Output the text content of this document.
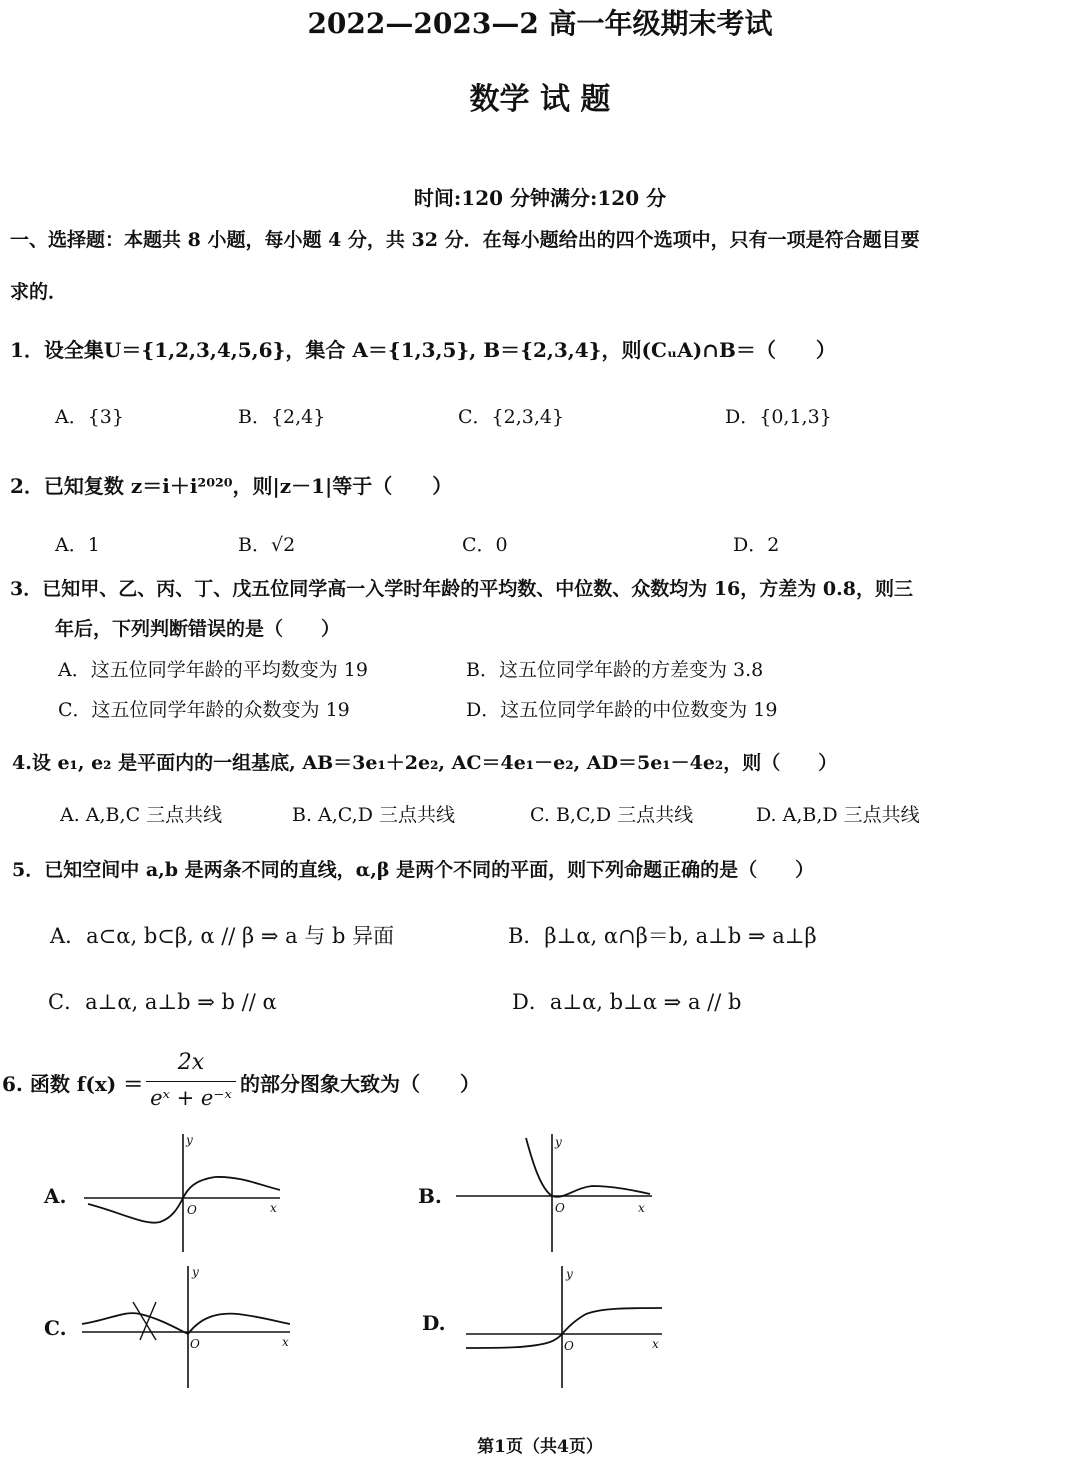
2022—2023—2 高一年级期末考试
数学 试 题
时间:120 分钟满分:120 分
一、选择题：本题共 8 小题，每小题 4 分，共 32 分．在每小题给出的四个选项中，只有一项是符合题目要
求的．
1．设全集U＝{1,2,3,4,5,6}，集合 A＝{1,3,5}, B＝{2,3,4}，则(CᵤA)∩B＝（　　）
A．{3}	B．{2,4}	C．{2,3,4}	D．{0,1,3}
2．已知复数 z＝i＋i²⁰²⁰，则|z－1|等于（　　）
A．1	B．√2	C．0	D．2
3．已知甲、乙、丙、丁、戊五位同学高一入学时年龄的平均数、中位数、众数均为 16，方差为 0.8，则三
年后，下列判断错误的是（　　）
A．这五位同学年龄的平均数变为 19	B．这五位同学年龄的方差变为 3.8
C．这五位同学年龄的众数变为 19	D．这五位同学年龄的中位数变为 19
4.设 e₁, e₂ 是平面内的一组基底, AB＝3e₁＋2e₂, AC＝4e₁－e₂, AD＝5e₁－4e₂，则（　　）
A. A,B,C 三点共线	B. A,C,D 三点共线	C. B,C,D 三点共线	D. A,B,D 三点共线
5．已知空间中 a,b 是两条不同的直线，α,β 是两个不同的平面，则下列命题正确的是（　　）
A．a⊂α, b⊂β, α // β ⇒ a 与 b 异面	B．β⊥α, α∩β＝b, a⊥b ⇒ a⊥β
C．a⊥α, a⊥b ⇒ b // α	D．a⊥α, b⊥α ⇒ a // b
6. 函数 f(x) ＝
2x
eˣ + e⁻ˣ
的部分图象大致为（　　）
A.	B.
C.	D.
y
x
O
y
x
O
y
x
O
y
x
O
第1页（共4页）
